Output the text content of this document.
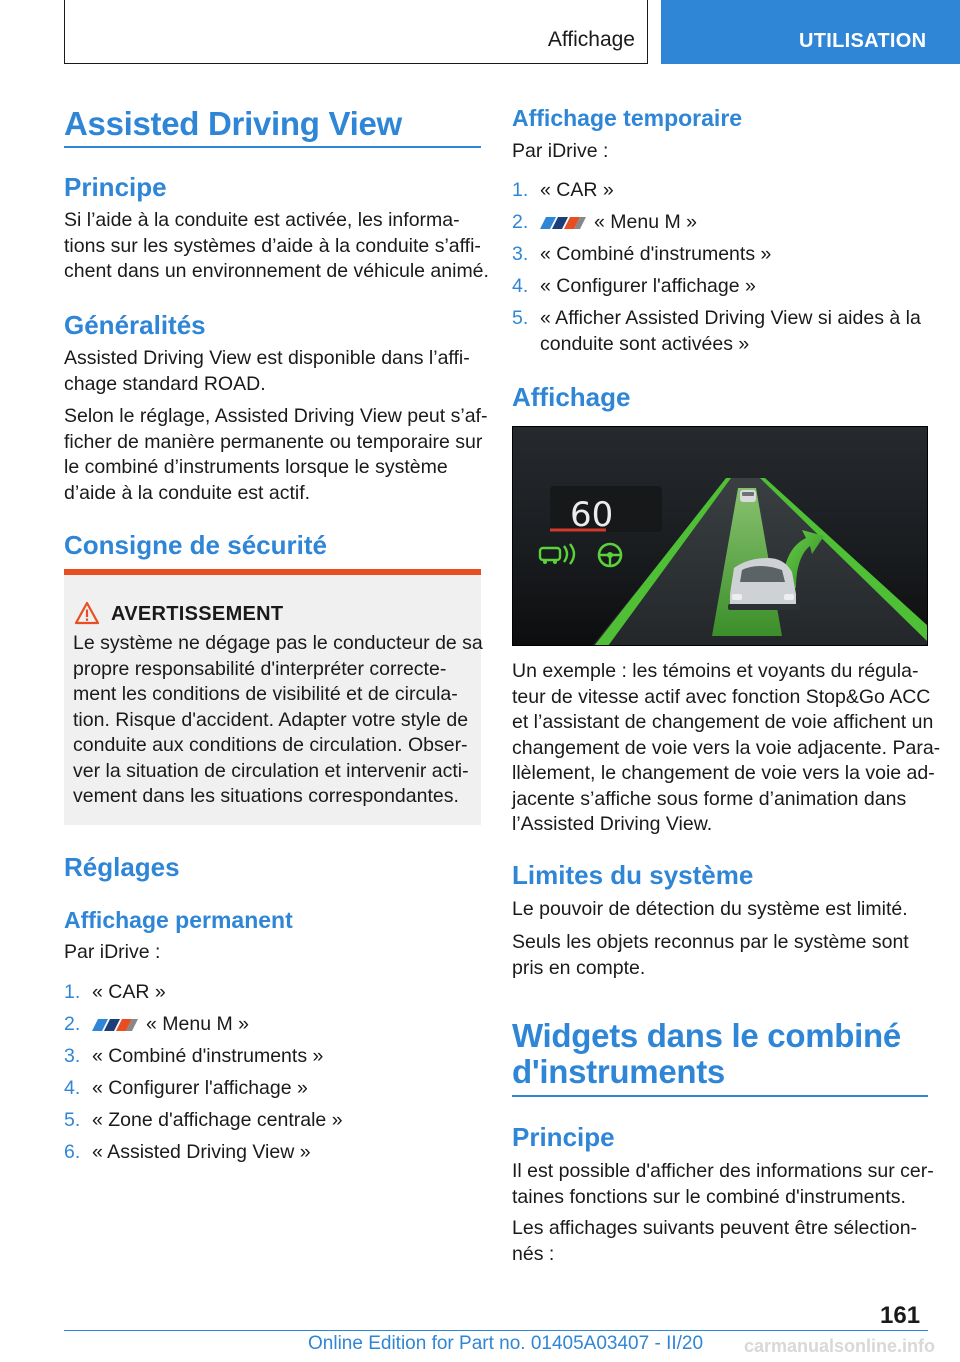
Affichage	UTILISATION
Assisted Driving View
Principe
Si l’aide à la conduite est activée, les informa‐
tions sur les systèmes d’aide à la conduite s’affi‐
chent dans un environnement de véhicule animé.
Généralités
Assisted Driving View est disponible dans l’affi‐
chage standard ROAD.
Selon le réglage, Assisted Driving View peut s’af‐
ficher de manière permanente ou temporaire sur
le combiné d’instruments lorsque le système
d’aide à la conduite est actif.
Consigne de sécurité
AVERTISSEMENT
Le système ne dégage pas le conducteur de sa
propre responsabilité d'interpréter correcte‐
ment les conditions de visibilité et de circula‐
tion. Risque d'accident. Adapter votre style de
conduite aux conditions de circulation. Obser‐
ver la situation de circulation et intervenir acti‐
vement dans les situations correspondantes.
Réglages
Affichage permanent
Par iDrive :
1. « CAR »
2.	« Menu M »
3. « Combiné d'instruments »
4. « Configurer l'affichage »
5. « Zone d'affichage centrale »
6. « Assisted Driving View »
Affichage temporaire
Par iDrive :
1. « CAR »
2.	« Menu M »
3. « Combiné d'instruments »
4. « Configurer l'affichage »
5. « Afficher Assisted Driving View si aides à la
conduite sont activées »
Affichage
60
Un exemple : les témoins et voyants du régula‐
teur de vitesse actif avec fonction Stop&Go ACC
et l’assistant de changement de voie affichent un
changement de voie vers la voie adjacente. Para‐
llèlement, le changement de voie vers la voie ad‐
jacente s’affiche sous forme d’animation dans
l’Assisted Driving View.
Limites du système
Le pouvoir de détection du système est limité.
Seuls les objets reconnus par le système sont
pris en compte.
Widgets dans le combiné
d'instruments
Principe
Il est possible d'afficher des informations sur cer‐
taines fonctions sur le combiné d'instruments.
Les affichages suivants peuvent être sélection‐
nés :
161
Online Edition for Part no. 01405A03407 - II/20 carmanualsonline.info
